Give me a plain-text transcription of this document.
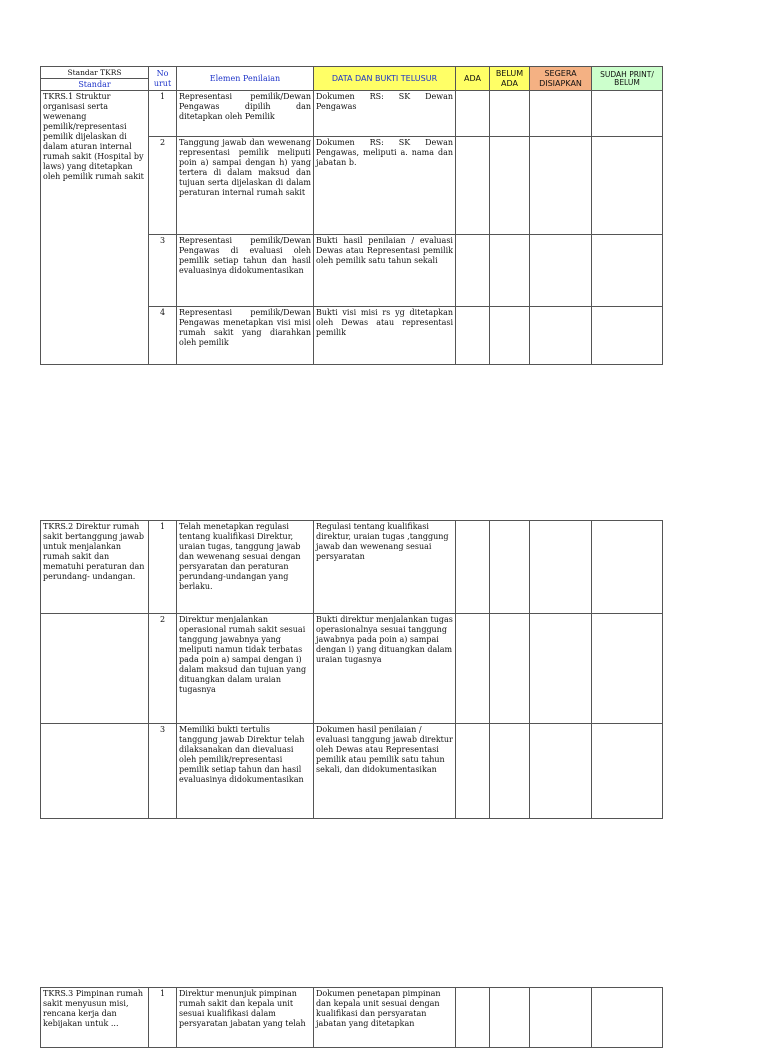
Standar TKRS	No urut	Elemen Penilaian	DATA DAN BUKTI TELUSUR	ADA	BELUM ADA	SEGERA DISIAPKAN	SUDAH PRINT/ BELUM
Standar							
TKRS.1 Struktur organisasi serta wewenang pemilik/representasi pemilik dijelaskan di dalam aturan internal rumah sakit (Hospital by laws) yang ditetapkan oleh pemilik rumah sakit	1	Representasi pemilik/Dewan Pengawas dipilih dan ditetapkan oleh Pemilik	Dokumen RS: SK Dewan Pengawas				
	2	Tanggung jawab dan wewenang representasi pemilik meliputi poin a) sampai dengan h) yang tertera di dalam maksud dan tujuan serta dijelaskan di dalam peraturan internal rumah sakit	Dokumen RS: SK Dewan Pengawas, meliputi a. nama dan jabatan b.				
	3	Representasi pemilik/Dewan Pengawas di evaluasi oleh pemilik setiap tahun dan hasil evaluasinya didokumentasikan	Bukti hasil penilaian / evaluasi Dewas atau Representasi pemilik oleh pemilik satu tahun sekali				
	4	Representasi pemilik/Dewan Pengawas menetapkan visi misi rumah sakit yang diarahkan oleh pemilik	Bukti visi misi rs yg ditetapkan oleh Dewas atau representasi pemilik				
TKRS.2 Direktur rumah sakit bertanggung jawab untuk menjalankan rumah sakit dan mematuhi peraturan dan perundang- undangan.	1	Telah menetapkan regulasi tentang kualifikasi Direktur, uraian tugas, tanggung jawab dan wewenang sesuai dengan persyaratan dan peraturan perundang-undangan yang berlaku.	Regulasi tentang kualifikasi direktur, uraian tugas ,tanggung jawab dan wewenang sesuai persyaratan				
	2	Direktur menjalankan operasional rumah sakit sesuai tanggung jawabnya yang meliputi namun tidak terbatas pada poin a) sampai dengan i) dalam maksud dan tujuan yang dituangkan dalam uraian tugasnya	Bukti direktur menjalankan tugas operasionalnya sesuai tanggung jawabnya pada poin a) sampai dengan i) yang dituangkan dalam uraian tugasnya				
	3	Memiliki bukti tertulis tanggung jawab Direktur telah dilaksanakan dan dievaluasi oleh pemilik/representasi pemilik setiap tahun dan hasil evaluasinya didokumentasikan	Dokumen hasil penilaian / evaluasi tanggung jawab direktur oleh Dewas atau Representasi pemilik atau pemilik satu tahun sekali, dan didokumentasikan				
TKRS.3 Pimpinan rumah sakit menyusun misi, rencana kerja dan kebijakan untuk ...	1	Direktur menunjuk pimpinan rumah sakit dan kepala unit sesuai kualifikasi dalam persyaratan jabatan yang telah	Dokumen penetapan pimpinan dan kepala unit sesuai dengan kualifikasi dan persyaratan jabatan yang ditetapkan				
